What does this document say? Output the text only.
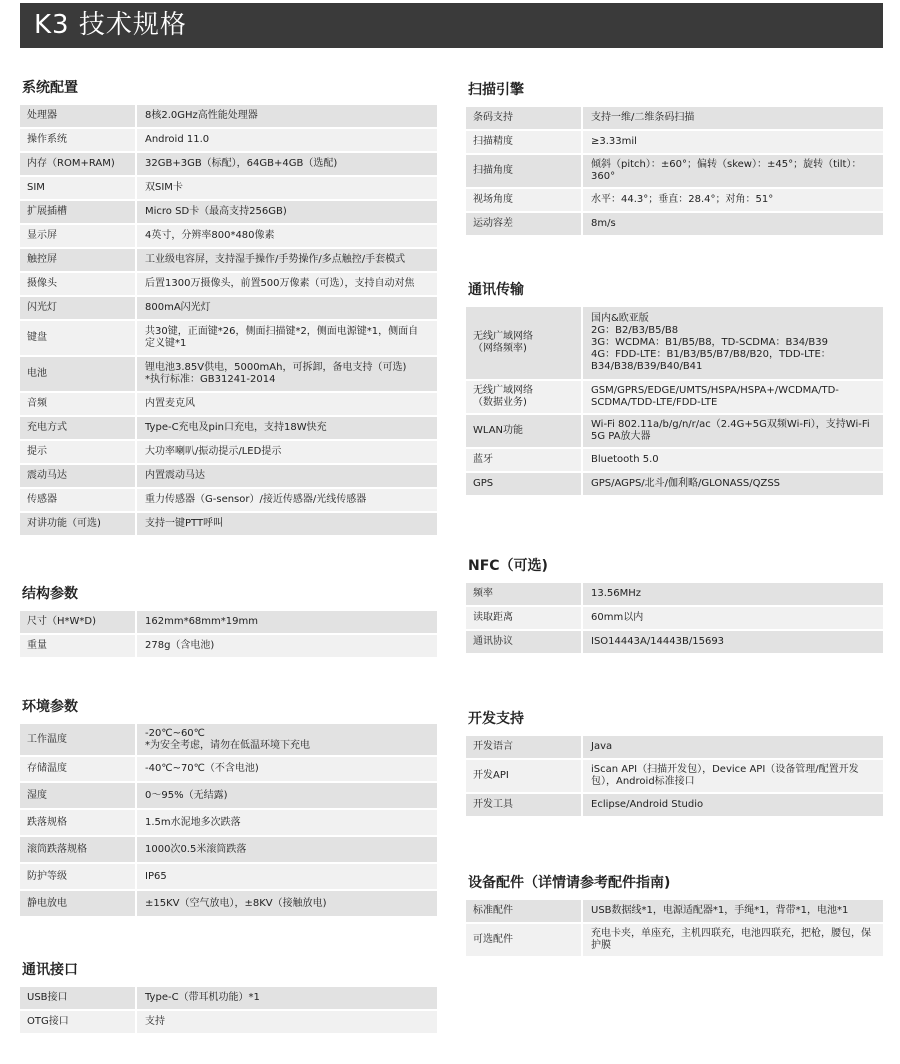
K3 技术规格
系统配置
处理器	8核2.0GHz高性能处理器
操作系统	Android 11.0
内存（ROM+RAM)	32GB+3GB（标配），64GB+4GB（选配)
SIM	双SIM卡
扩展插槽	Micro SD卡（最高支持256GB)
显示屏	4英寸，分辨率800*480像素
触控屏	工业级电容屏，支持湿手操作/手势操作/多点触控/手套模式
摄像头	后置1300万摄像头，前置500万像素（可选），支持自动对焦
闪光灯	800mA闪光灯
键盘	共30键，正面键*26，侧面扫描键*2，侧面电源键*1，侧面自定义键*1
电池	锂电池3.85V供电，5000mAh，可拆卸，备电支持（可选)
*执行标准：GB31241-2014
音频	内置麦克风
充电方式	Type-C充电及pin口充电，支持18W快充
提示	大功率喇叭/振动提示/LED提示
震动马达	内置震动马达
传感器	重力传感器（G-sensor）/接近传感器/光线传感器
对讲功能（可选)	支持一键PTT呼叫
结构参数
尺寸（H*W*D)	162mm*68mm*19mm
重量	278g（含电池)
环境参数
工作温度	-20℃~60℃
*为安全考虑，请勿在低温环境下充电
存储温度	-40℃~70℃（不含电池)
湿度	0～95%（无结露)
跌落规格	1.5m水泥地多次跌落
滚筒跌落规格	1000次0.5米滚筒跌落
防护等级	IP65
静电放电	±15KV（空气放电），±8KV（接触放电)
通讯接口
USB接口	Type-C（带耳机功能）*1
OTG接口	支持
扫描引擎
条码支持	支持一维/二维条码扫描
扫描精度	≥3.33mil
扫描角度	倾斜（pitch）：±60°；偏转（skew）：±45°；旋转（tilt）：360°
视场角度	水平：44.3°；垂直：28.4°；对角：51°
运动容差	8m/s
通讯传输
无线广域网络
（网络频率)	国内&欧亚版
2G：B2/B3/B5/B8
3G：WCDMA：B1/B5/B8，TD-SCDMA：B34/B39
4G：FDD-LTE：B1/B3/B5/B7/B8/B20，TDD-LTE：B34/B38/B39/B40/B41
无线广域网络
（数据业务)	GSM/GPRS/EDGE/UMTS/HSPA/HSPA+/WCDMA/TD-SCDMA/TDD-LTE/FDD-LTE
WLAN功能	Wi-Fi 802.11a/b/g/n/r/ac（2.4G+5G双频Wi-Fi），支持Wi-Fi 5G PA放大器
蓝牙	Bluetooth 5.0
GPS	GPS/AGPS/北斗/伽利略/GLONASS/QZSS
NFC（可选)
频率	13.56MHz
读取距离	60mm以内
通讯协议	ISO14443A/14443B/15693
开发支持
开发语言	Java
开发API	iScan API（扫描开发包），Device API（设备管理/配置开发包），Android标准接口
开发工具	Eclipse/Android Studio
设备配件（详情请参考配件指南)
标准配件	USB数据线*1，电源适配器*1，手绳*1，背带*1，电池*1
可选配件	充电卡夹，单座充，主机四联充，电池四联充，把枪，腰包，保护膜
